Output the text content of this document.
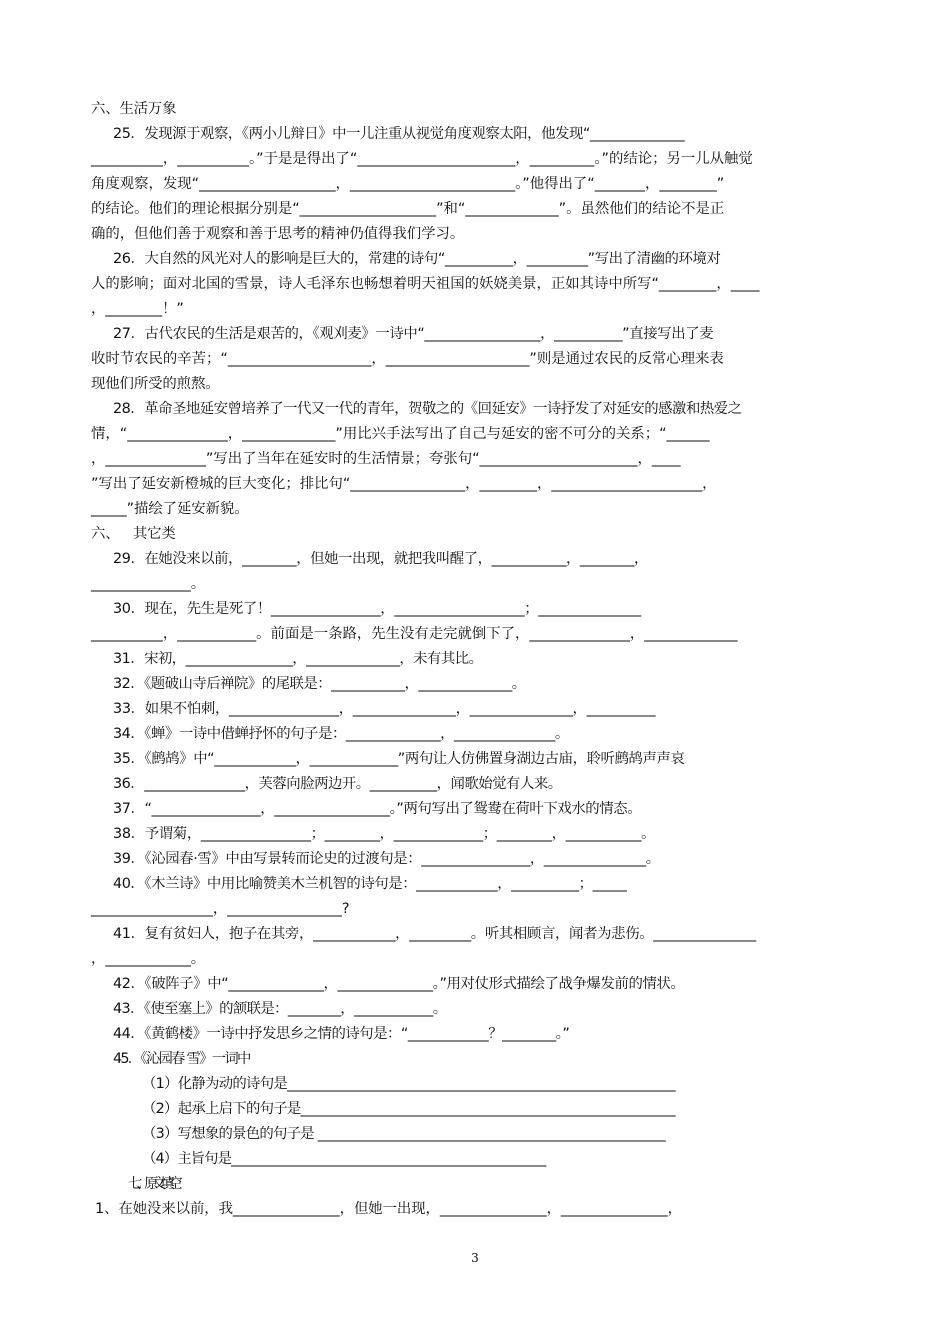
六、生活万象
25．发现源于观察，《两小儿辩日》中一儿注重从视觉角度观察太阳，他发现“______________
__________，__________。”于是是得出了“______________________，_________。”的结论；另一儿从触觉
角度观察，发现“___________________，_______________________。”他得出了“_______，________”
的结论。他们的理论根据分别是“___________________”和“_____________”。虽然他们的结论不是正
确的，但他们善于观察和善于思考的精神仍值得我们学习。
26．大自然的风光对人的影响是巨大的，常建的诗句“__________，_________”写出了清幽的环境对
人的影响；面对北国的雪景，诗人毛泽东也畅想着明天祖国的妖娆美景，正如其诗中所写“________，____
，________！”
27．古代农民的生活是艰苦的，《观刈麦》一诗中“_________________，__________”直接写出了麦
收时节农民的辛苦；“____________________，____________________”则是通过农民的反常心理来表
现他们所受的煎熬。
28．革命圣地延安曾培养了一代又一代的青年，贺敬之的《回延安》一诗抒发了对延安的感激和热爱之
情，“______________，_____________”用比兴手法写出了自己与延安的密不可分的关系；“______
，______________”写出了当年在延安时的生活情景；夸张句“______________________，____
”写出了延安新橙城的巨大变化；排比句“________________，________，_____________________，
_____”描绘了延安新貌。
六、   其它类
29．在她没来以前，________，但她一出现，就把我叫醒了，___________，________，
______________。
30．现在，先生是死了！________________，___________________；_______________
__________，___________。前面是一条路，先生没有走完就倒下了，______________，_____________
31．宋初，________________，______________，未有其比。
32．《题破山寺后禅院》的尾联是：___________，______________。
33．如果不怕刺，________________，_______________，_______________，__________
34．《蝉》一诗中借蝉抒怀的句子是：______________，_______________。
35．《鹧鸪》中“____________，_____________”两句让人仿佛置身湖边古庙，聆听鹧鸪声声哀
36．_______________，芙蓉向脸两边开。__________，闻歌始觉有人来。
37．“________________，_________________。”两句写出了鸳鸯在荷叶下戏水的情态。
38．予谓菊，________________；________，_____________；________，___________。
39．《沁园春·雪》中由写景转而论史的过渡句是：________________，_______________。
40．《木兰诗》中用比喻赞美木兰机智的诗句是：____________，__________；_____
_________________，________________?
41．复有贫妇人，抱子在其旁，____________，_________。听其相顾言，闻者为悲伤。_______________
，____________。
42．《破阵子》中“______________，______________。”用对仗形式描绘了战争爆发前的情状。
43．《使至塞上》的颔联是：________，____________。
44．《黄鹤楼》一诗中抒发思乡之情的诗句是：“____________？________。”
45．《沁园春 雪》一词中
（1）化静为动的诗句是____________________________________________________________
（2）起承上启下的句子是__________________________________________________________
（3）写想象的景色的句子是 ______________________________________________________
（4）主旨句是__________________________________________________
七、原文填空
1、在她没来以前，我_______________，但她一出现，_______________，_______________，
3
